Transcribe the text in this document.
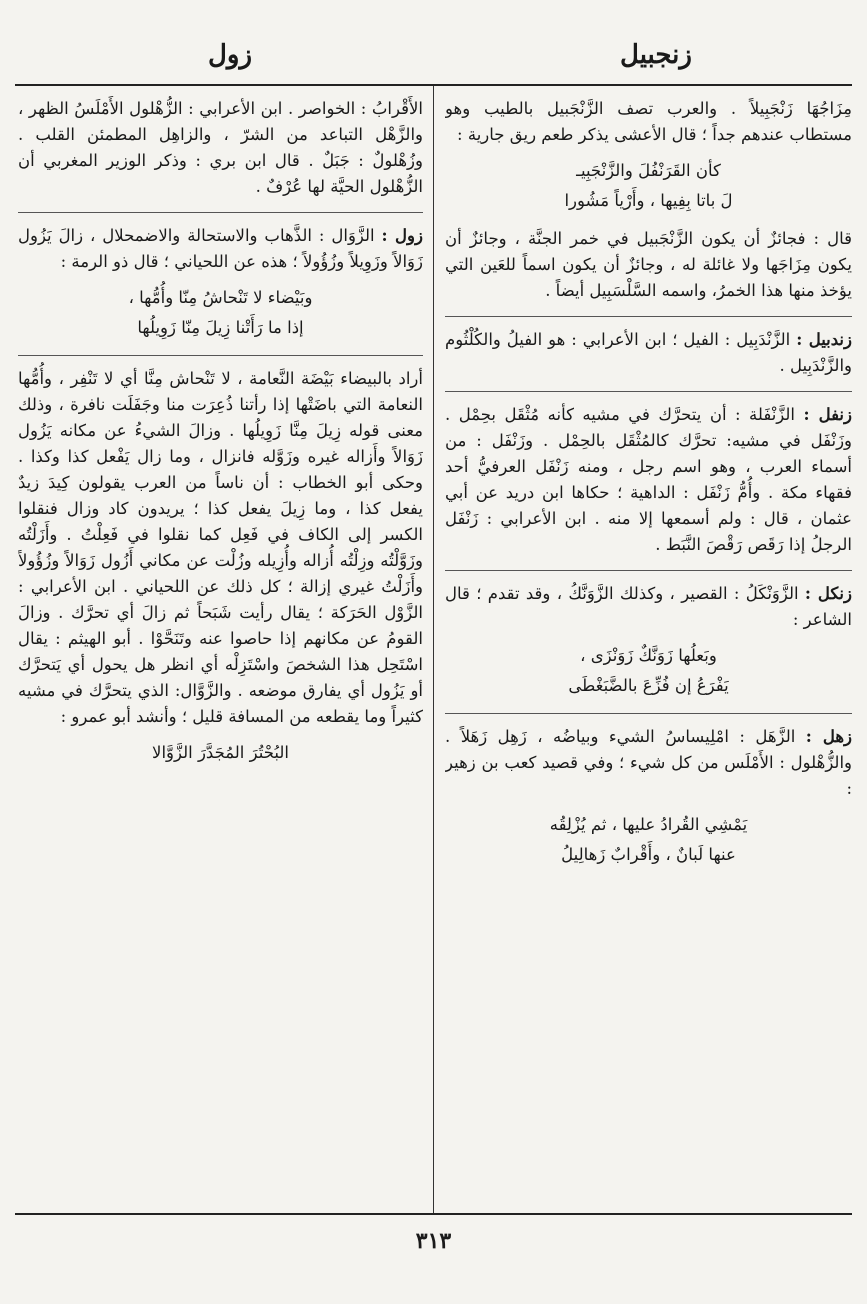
زنجبيل
زول

مِزَاجُهَا زَنْجَبِيلاً . والعرب تصف الزَّنْجَبيل بالطيب وهو مستطاب عندهم جداً ؛ قال الأعشى يذكر طعم ريق جارية :

كأن القَرَنْفُلَ والزَّنْجَبِيـ
لَ باتا بِفِيها ، وأَرْياً مَشُورا

قال : فجائزٌ أن يكون الزَّنْجَبيل في خمر الجنَّة ، وجائزٌ أن يكون مِزَاجَها ولا غائلة له ، وجائزٌ أن يكون اسماً للعَين التي يؤخذ منها هذا الخمرُ، واسمه السَّلْسَبِيل أيضاً .

زندبيل : الزَّنْدَبِيل : الفيل ؛ ابن الأعرابي : هو الفيلُ والكُلْثُوم والزَّنْدَبِيل .

زنفل : الزَّنْفَلة : أن يتحرَّك في مشيه كأنه مُثْقَل بحِمْل . وزَنْفَل في مشيه: تحرَّك كالمُثْقَل بالحِمْل . وزَنْفَل : من أسماء العرب ، وهو اسم رجل ، ومنه زَنْفَل العرفيُّ أحد فقهاء مكة . وأُمُّ زَنْفَل : الداهية ؛ حكاها ابن دريد عن أبي عثمان ، قال : ولم أسمعها إلا منه . ابن الأعرابي : زَنْفَل الرجلُ إذا رَقَص رَقْصَ النَّبَط .

زنكل : الزَّوَنْكَلُ : القصير ، وكذلك الزَّوَنَّكُ ، وقد تقدم ؛ قال الشاعر :

وبَعلُها زَوَنَّكٌ زَوَنْزَى ،
يَفْرَعُ إن فُزِّعَ بالضَّبَغْطَى

زهل : الزَّهَل : امْلِيساسُ الشيء وبياضُه ، زَهِل زَهَلاً . والزُّهْلول : الأَمْلَس من كل شيء ؛ وفي قصيد كعب بن زهير :

يَمْشِي القُرادُ عليها ، ثم يُزْلِقُه
عنها لَبانٌ ، وأَقْرابٌ زَهالِيلُ

الأَقْرابُ : الخواصر . ابن الأعرابي : الزُّهْلول الأَمْلَسُ الظهر ، والزَّهْل التباعد من الشرّ ، والزاهِل المطمئن القلب . وزُهْلولٌ : جَبَلٌ . قال ابن بري : وذكر الوزير المغربي أن الزُّهْلول الحيَّة لها عُرْفٌ .

زول : الزَّوَال : الذَّهاب والاستحالة والاضمحلال ، زالَ يَزُول زَوَالاً وزَوِيلاً وزُؤُولاً ؛ هذه عن اللحياني ؛ قال ذو الرمة :

وبَيْضاء لا تَنْحاشُ مِنّا وأُمُّها ،
إذا ما رَأَتْنا زِيلَ مِنّا زَوِيلُها

أراد بالبيضاء بَيْضَة النَّعامة ، لا تَنْحاش مِنَّا أي لا تَنْفِر ، وأُمُّها النعامة التي باضَتْها إذا رأتنا ذُعِرَت منا وجَفَلَت نافرة ، وذلك معنى قوله زِيلَ مِنَّا زَوِيلُها . وزالَ الشيءُ عن مكانه يَزُول زَوَالاً وأَزاله غيره وزَوَّله فانزال ، وما زال يَفْعل كذا وكذا . وحكى أبو الخطاب : أن ناساً من العرب يقولون كِيدَ زيدٌ يفعل كذا ، وما زِيلَ يفعل كذا ؛ يريدون كاد وزال فنقلوا الكسر إلى الكاف في فَعِل كما نقلوا في فَعِلْتُ . وأَزَلْتُه وزَوَّلْتُه وزِلْتُه أُزاله وأُزِيله وزُلْت عن مكاني أَزُول زَوَالاً وزُؤُولاً وأَزَلْتُ غيري إزالة ؛ كل ذلك عن اللحياني . ابن الأعرابي : الزَّوْل الحَرَكة ؛ يقال رأيت شَبَحاً ثم زالَ أي تحرَّك . وزالَ القومُ عن مكانهم إذا حاصوا عنه وتَنَحَّوْا . أبو الهيثم : يقال اسْتَحِل هذا الشخصَ واسْتَزِلْه أي انظر هل يحول أي يَتحرَّك أو يَزُول أي يفارق موضعه . والزَّوَّال: الذي يتحرَّك في مشيه كثيراً وما يقطعه من المسافة قليل ؛ وأنشد أبو عمرو :

البُحْتُرَ المُجَدَّرَ الزَّوَّالا
٣١٣
